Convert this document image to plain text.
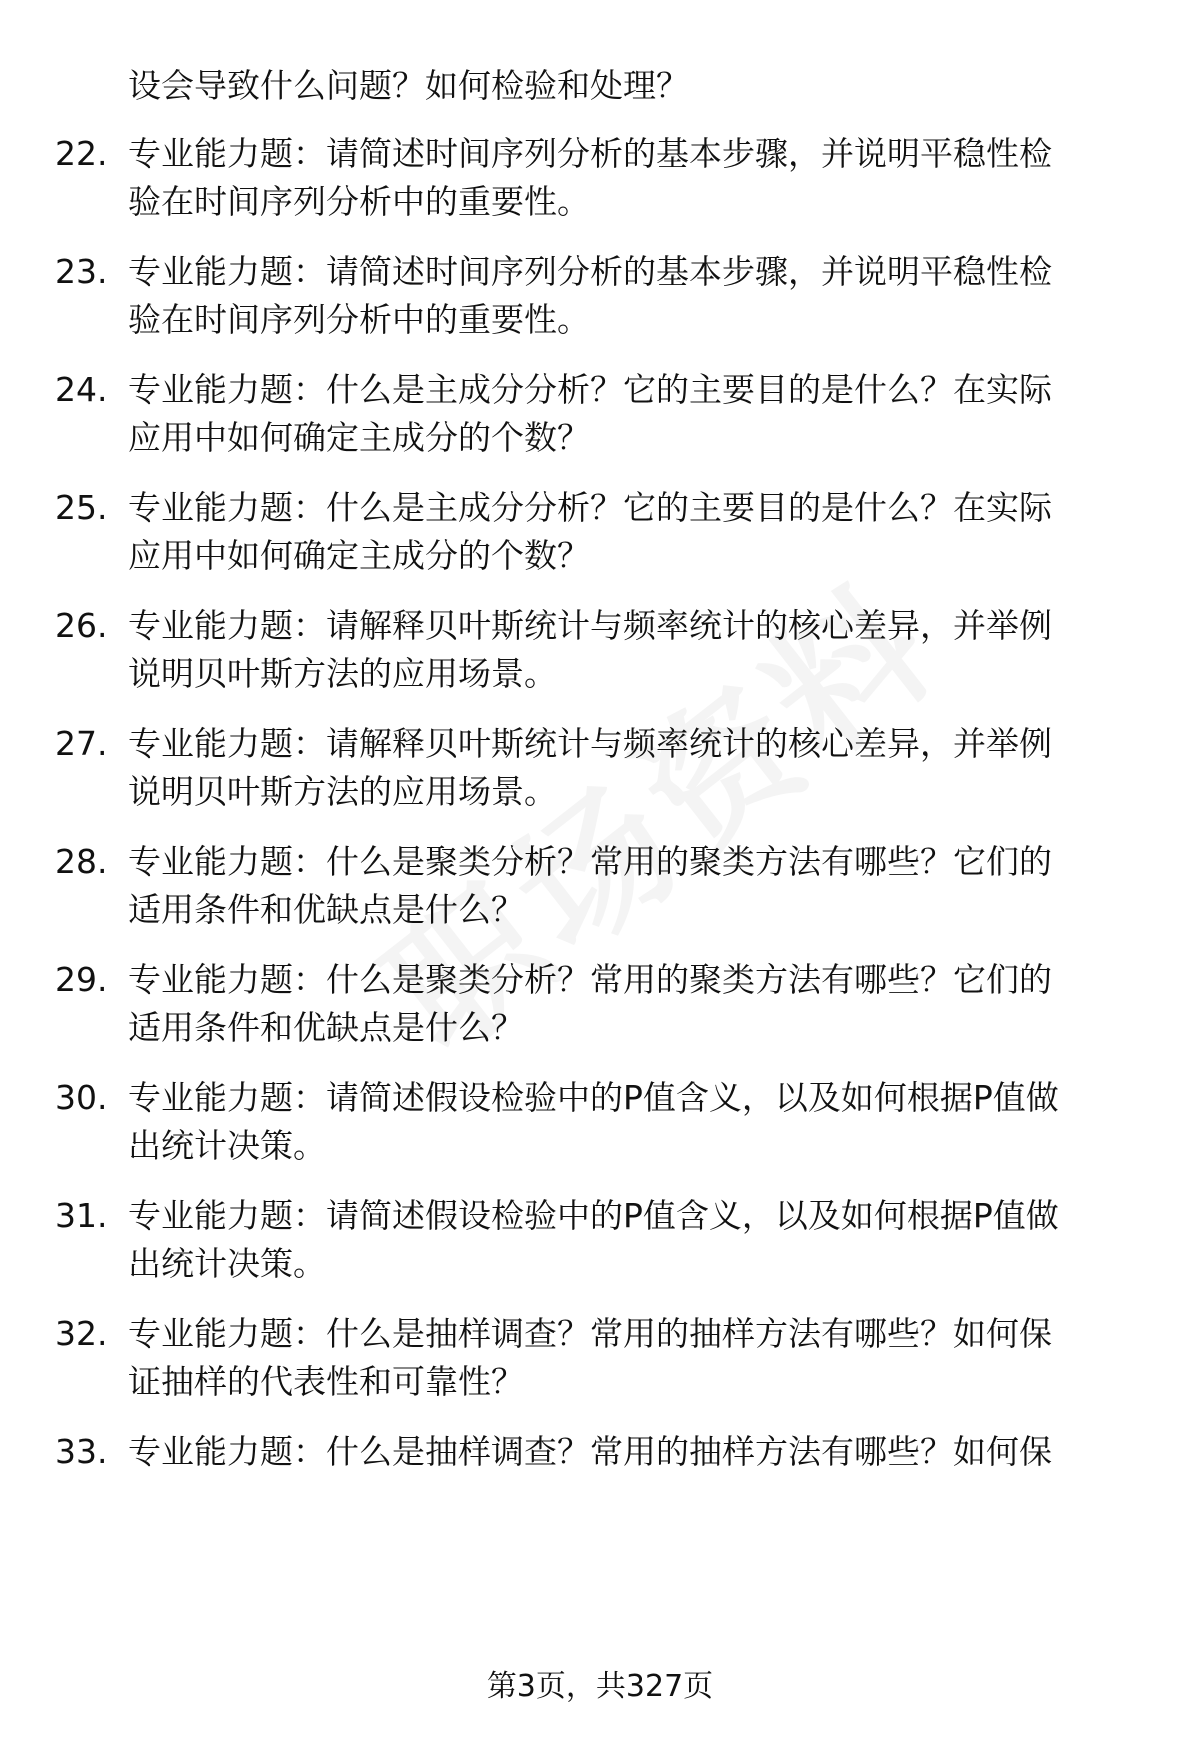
设会导致什么问题？如何检验和处理？
22. 专业能力题：请简述时间序列分析的基本步骤，并说明平稳性检
验在时间序列分析中的重要性。
23. 专业能力题：请简述时间序列分析的基本步骤，并说明平稳性检
验在时间序列分析中的重要性。
24. 专业能力题：什么是主成分分析？它的主要目的是什么？在实际
应用中如何确定主成分的个数？
25. 专业能力题：什么是主成分分析？它的主要目的是什么？在实际
应用中如何确定主成分的个数？
26. 专业能力题：请解释贝叶斯统计与频率统计的核心差异，并举例
说明贝叶斯方法的应用场景。
27. 专业能力题：请解释贝叶斯统计与频率统计的核心差异，并举例
说明贝叶斯方法的应用场景。
28. 专业能力题：什么是聚类分析？常用的聚类方法有哪些？它们的
适用条件和优缺点是什么？
29. 专业能力题：什么是聚类分析？常用的聚类方法有哪些？它们的
适用条件和优缺点是什么？
30. 专业能力题：请简述假设检验中的P值含义，以及如何根据P值做
出统计决策。
31. 专业能力题：请简述假设检验中的P值含义，以及如何根据P值做
出统计决策。
32. 专业能力题：什么是抽样调查？常用的抽样方法有哪些？如何保
证抽样的代表性和可靠性？
33. 专业能力题：什么是抽样调查？常用的抽样方法有哪些？如何保
第3页，共327页
